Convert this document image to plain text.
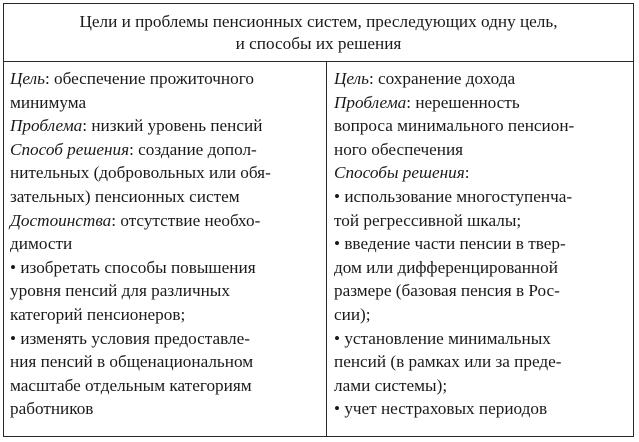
Цели и проблемы пенсионных систем, преследующих одну цель,
и способы их решения
Цель: обеспечение прожиточного
минимума
Проблема: низкий уровень пенсий
Способ решения: создание допол-
нительных (добровольных или обя-
зательных) пенсионных систем
Достоинства: отсутствие необхо-
димости
• изобретать способы повышения
уровня пенсий для различных
категорий пенсионеров;
• изменять условия предоставле-
ния пенсий в общенациональном
масштабе отдельным категориям
работников
Цель: сохранение дохода
Проблема: нерешенность
вопроса минимального пенсион-
ного обеспечения
Способы решения:
• использование многоступенча-
той регрессивной шкалы;
• введение части пенсии в твер-
дом или дифференцированной
размере (базовая пенсия в Рос-
сии);
• установление минимальных
пенсий (в рамках или за преде-
лами системы);
• учет нестраховых периодов
